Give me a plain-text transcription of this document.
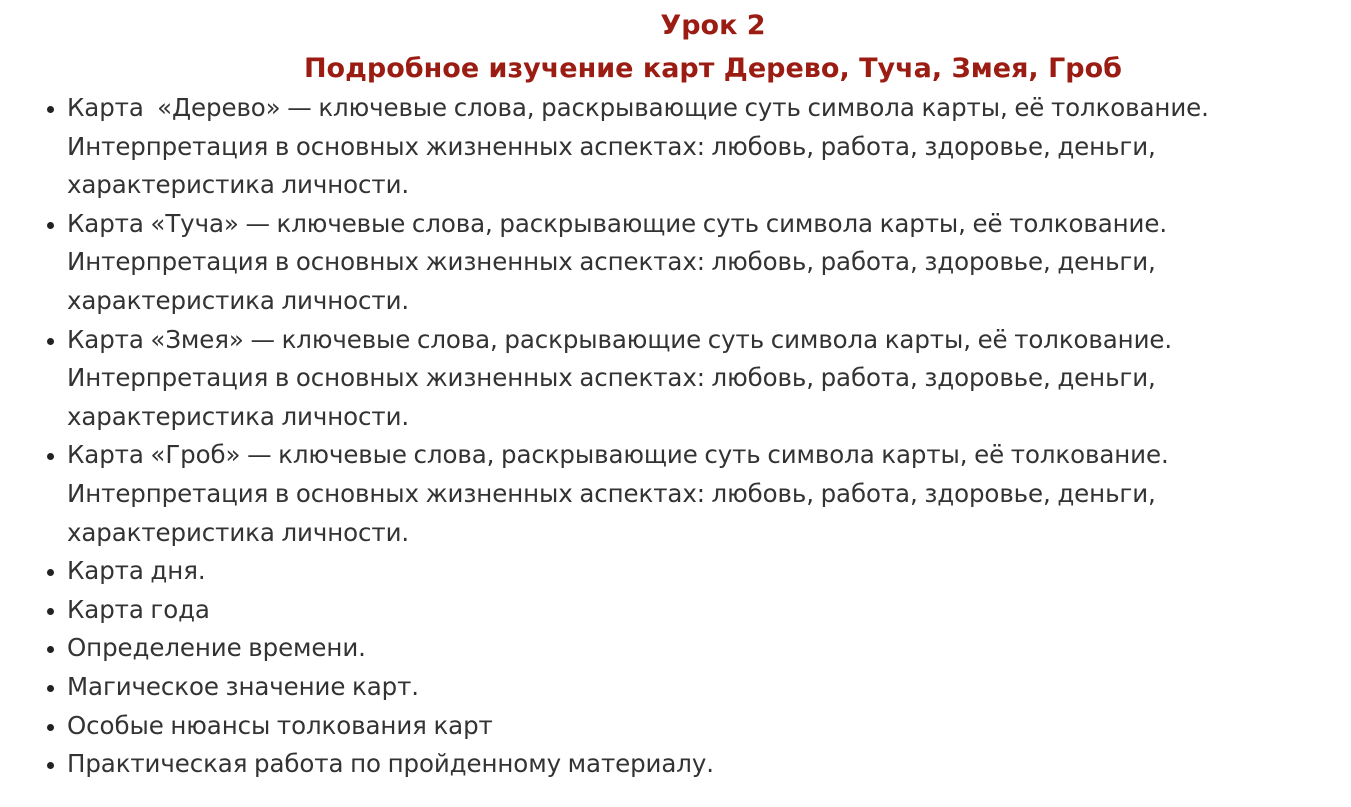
Урок 2
Подробное изучение карт Дерево, Туча, Змея, Гроб
Карта  «Дерево» — ключевые слова, раскрывающие суть символа карты, её толкование.
Интерпретация в основных жизненных аспектах: любовь, работа, здоровье, деньги,
характеристика личности.
Карта «Туча» — ключевые слова, раскрывающие суть символа карты, её толкование.
Интерпретация в основных жизненных аспектах: любовь, работа, здоровье, деньги,
характеристика личности.
Карта «Змея» — ключевые слова, раскрывающие суть символа карты, её толкование.
Интерпретация в основных жизненных аспектах: любовь, работа, здоровье, деньги,
характеристика личности.
Карта «Гроб» — ключевые слова, раскрывающие суть символа карты, её толкование.
Интерпретация в основных жизненных аспектах: любовь, работа, здоровье, деньги,
характеристика личности.
Карта дня.
Карта года
Определение времени.
Магическое значение карт.
Особые нюансы толкования карт
Практическая работа по пройденному материалу.
